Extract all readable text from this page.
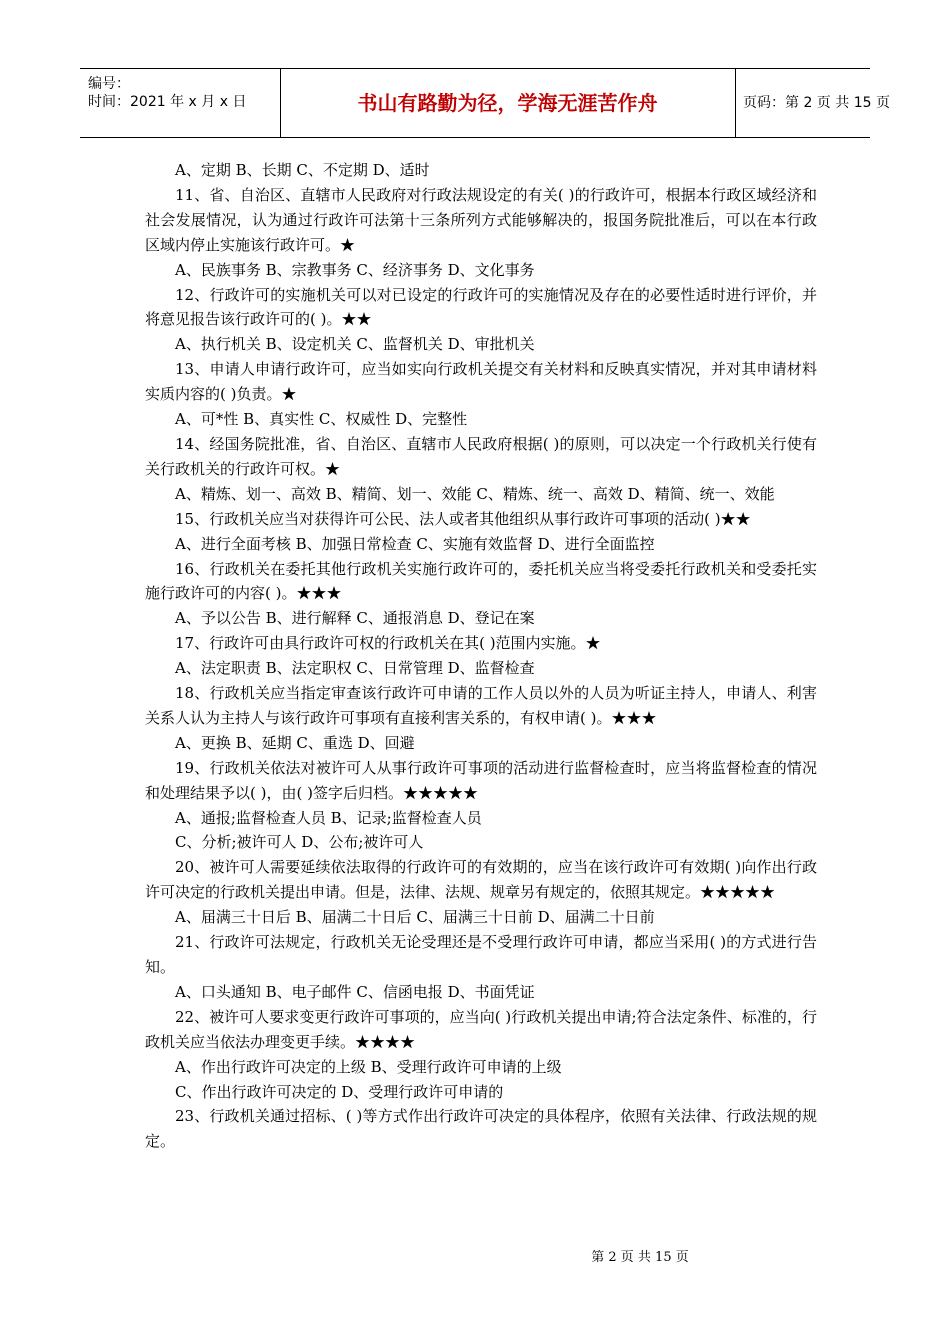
编号：
时间：2021 年 x 月 x 日	书山有路勤为径，学海无涯苦作舟	页码：第 2 页 共 15 页

A、定期 B、长期 C、不定期 D、适时

11、省、自治区、直辖市人民政府对行政法规设定的有关( )的行政许可，根据本行政区域经济和社会发展情况，认为通过行政许可法第十三条所列方式能够解决的，报国务院批准后，可以在本行政区域内停止实施该行政许可。★

A、民族事务 B、宗教事务 C、经济事务 D、文化事务

12、行政许可的实施机关可以对已设定的行政许可的实施情况及存在的必要性适时进行评价，并将意见报告该行政许可的( )。★★

A、执行机关 B、设定机关 C、监督机关 D、审批机关

13、申请人申请行政许可，应当如实向行政机关提交有关材料和反映真实情况，并对其申请材料实质内容的( )负责。★

A、可*性 B、真实性 C、权威性 D、完整性

14、经国务院批准，省、自治区、直辖市人民政府根据( )的原则，可以决定一个行政机关行使有关行政机关的行政许可权。★

A、精炼、划一、高效 B、精简、划一、效能 C、精炼、统一、高效 D、精简、统一、效能

15、行政机关应当对获得许可公民、法人或者其他组织从事行政许可事项的活动( )★★

A、进行全面考核 B、加强日常检查 C、实施有效监督 D、进行全面监控

16、行政机关在委托其他行政机关实施行政许可的，委托机关应当将受委托行政机关和受委托实施行政许可的内容( )。★★★

A、予以公告 B、进行解释 C、通报消息 D、登记在案

17、行政许可由具行政许可权的行政机关在其( )范围内实施。★

A、法定职责 B、法定职权 C、日常管理 D、监督检查

18、行政机关应当指定审查该行政许可申请的工作人员以外的人员为听证主持人，申请人、利害关系人认为主持人与该行政许可事项有直接利害关系的，有权申请( )。★★★

A、更换 B、延期 C、重选 D、回避

19、行政机关依法对被许可人从事行政许可事项的活动进行监督检查时，应当将监督检查的情况和处理结果予以( )，由( )签字后归档。★★★★★

A、通报;监督检查人员 B、记录;监督检查人员

C、分析;被许可人 D、公布;被许可人

20、被许可人需要延续依法取得的行政许可的有效期的，应当在该行政许可有效期( )向作出行政许可决定的行政机关提出申请。但是，法律、法规、规章另有规定的，依照其规定。★★★★★

A、届满三十日后 B、届满二十日后 C、届满三十日前 D、届满二十日前

21、行政许可法规定，行政机关无论受理还是不受理行政许可申请，都应当采用( )的方式进行告知。

A、口头通知 B、电子邮件 C、信函电报 D、书面凭证

22、被许可人要求变更行政许可事项的，应当向( )行政机关提出申请;符合法定条件、标准的，行政机关应当依法办理变更手续。★★★★

A、作出行政许可决定的上级 B、受理行政许可申请的上级

C、作出行政许可决定的 D、受理行政许可申请的

23、行政机关通过招标、( )等方式作出行政许可决定的具体程序，依照有关法律、行政法规的规定。

第 2 页 共 15 页
